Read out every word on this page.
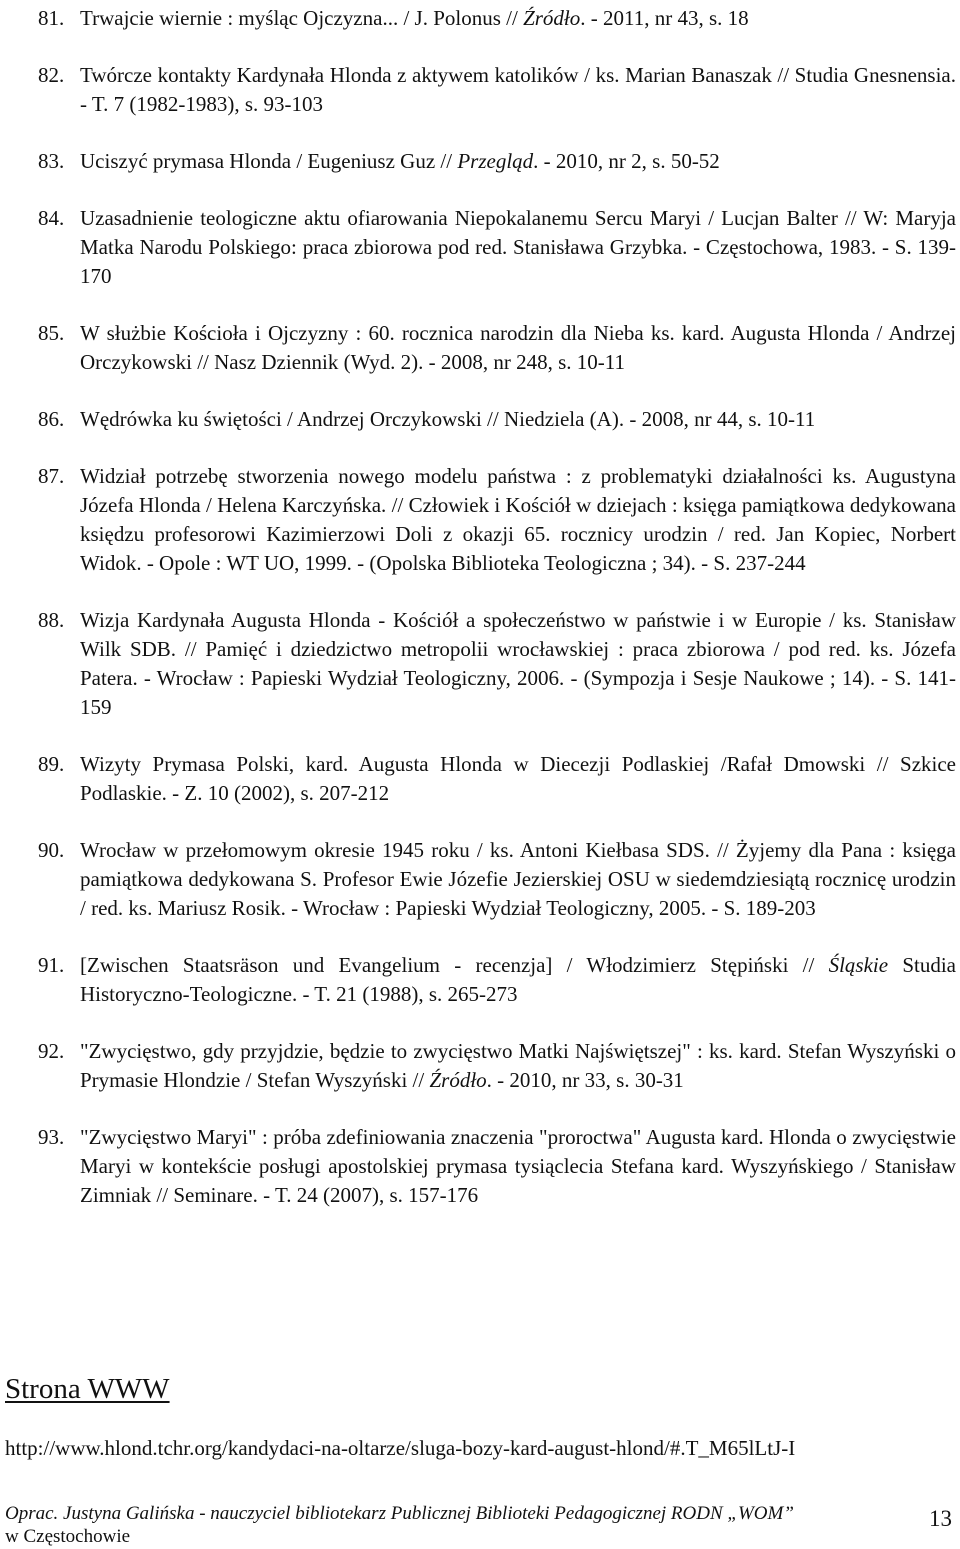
81. Trwajcie wiernie : myśląc Ojczyzna... / J. Polonus // Źródło. - 2011, nr 43, s. 18
82. Twórcze kontakty Kardynała Hlonda z aktywem katolików / ks. Marian Banaszak // Studia Gnesnensia. - T. 7 (1982-1983), s. 93-103
83. Uciszyć prymasa Hlonda / Eugeniusz Guz // Przegląd. - 2010, nr 2, s. 50-52
84. Uzasadnienie teologiczne aktu ofiarowania Niepokalanemu Sercu Maryi / Lucjan Balter // W: Maryja Matka Narodu Polskiego: praca zbiorowa pod red. Stanisława Grzybka. - Częstochowa, 1983. - S. 139-170
85. W służbie Kościoła i Ojczyzny : 60. rocznica narodzin dla Nieba ks. kard. Augusta Hlonda / Andrzej Orczykowski // Nasz Dziennik (Wyd. 2). - 2008, nr 248, s. 10-11
86. Wędrówka ku świętości / Andrzej Orczykowski // Niedziela (A). - 2008, nr 44, s. 10-11
87. Widział potrzebę stworzenia nowego modelu państwa : z problematyki działalności ks. Augustyna Józefa Hlonda / Helena Karczyńska. // Człowiek i Kościół w dziejach : księga pamiątkowa dedykowana księdzu profesorowi Kazimierzowi Doli z okazji 65. rocznicy urodzin / red. Jan Kopiec, Norbert Widok. - Opole : WT UO, 1999. - (Opolska Biblioteka Teologiczna ; 34). - S. 237-244
88. Wizja Kardynała Augusta Hlonda - Kościół a społeczeństwo w państwie i w Europie / ks. Stanisław Wilk SDB. // Pamięć i dziedzictwo metropolii wrocławskiej : praca zbiorowa / pod red. ks. Józefa Patera. - Wrocław : Papieski Wydział Teologiczny, 2006. - (Sympozja i Sesje Naukowe ; 14). - S. 141-159
89. Wizyty Prymasa Polski, kard. Augusta Hlonda w Diecezji Podlaskiej /Rafał Dmowski // Szkice Podlaskie. - Z. 10 (2002), s. 207-212
90. Wrocław w przełomowym okresie 1945 roku / ks. Antoni Kiełbasa SDS. // Żyjemy dla Pana : księga pamiątkowa dedykowana S. Profesor Ewie Józefie Jezierskiej OSU w siedemdziesiątą rocznicę urodzin / red. ks. Mariusz Rosik. - Wrocław : Papieski Wydział Teologiczny, 2005. - S. 189-203
91. [Zwischen Staatsräson und Evangelium - recenzja] / Włodzimierz Stępiński // Śląskie Studia Historyczno-Teologiczne. - T. 21 (1988), s. 265-273
92. "Zwycięstwo, gdy przyjdzie, będzie to zwycięstwo Matki Najświętszej" : ks. kard. Stefan Wyszyński o Prymasie Hlondzie / Stefan Wyszyński // Źródło. - 2010, nr 33, s. 30-31
93. "Zwycięstwo Maryi" : próba zdefiniowania znaczenia "proroctwa" Augusta kard. Hlonda o zwycięstwie Maryi w kontekście posługi apostolskiej prymasa tysiąclecia Stefana kard. Wyszyńskiego / Stanisław Zimniak // Seminare. - T. 24 (2007), s. 157-176
Strona WWW
http://www.hlond.tchr.org/kandydaci-na-oltarze/sluga-bozy-kard-august-hlond/#.T_M65lLtJ-I
Oprac. Justyna Galińska - nauczyciel bibliotekarz Publicznej Biblioteki Pedagogicznej RODN „WOM”
w Częstochowie
13
